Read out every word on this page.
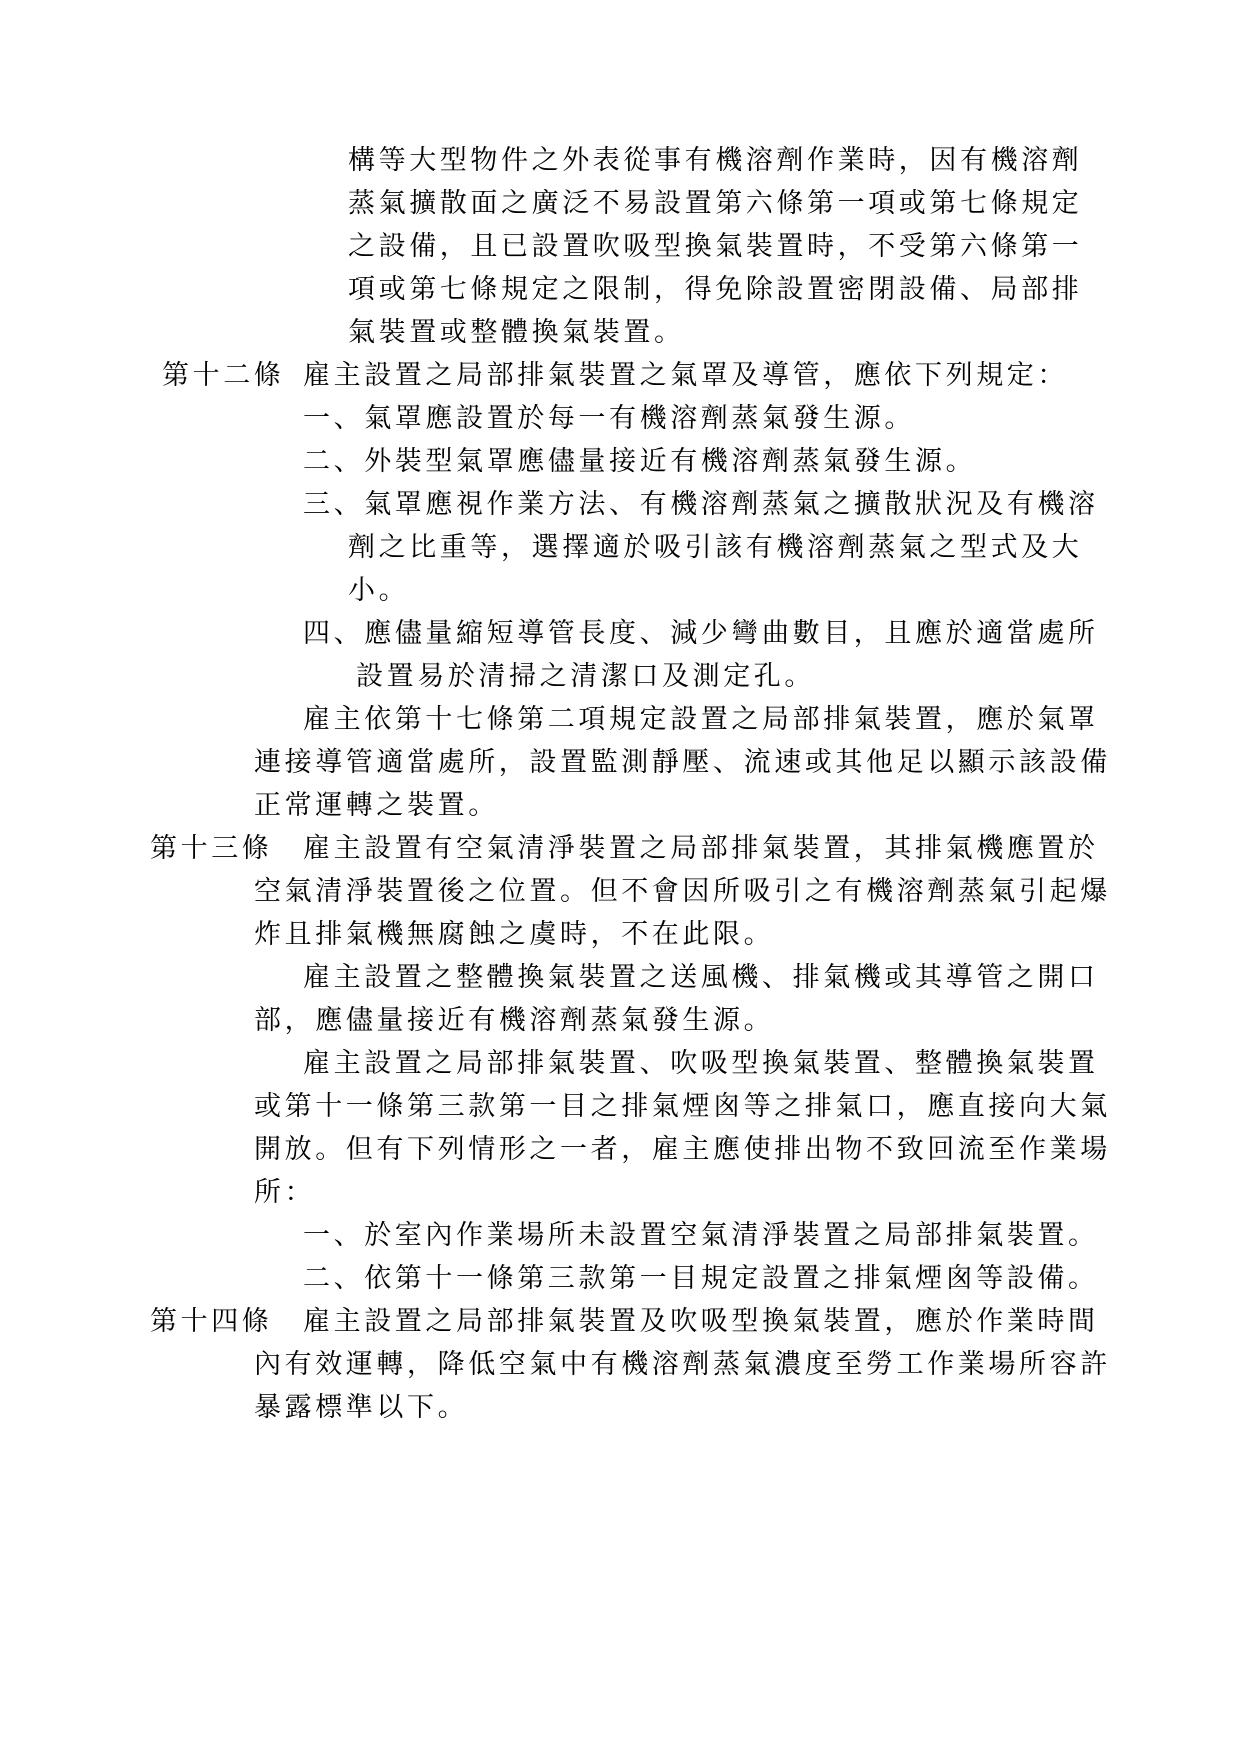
構等大型物件之外表從事有機溶劑作業時，因有機溶劑
蒸氣擴散面之廣泛不易設置第六條第一項或第七條規定
之設備，且已設置吹吸型換氣裝置時，不受第六條第一
項或第七條規定之限制，得免除設置密閉設備、局部排
氣裝置或整體換氣裝置。
第十二條 雇主設置之局部排氣裝置之氣罩及導管，應依下列規定：
一、氣罩應設置於每一有機溶劑蒸氣發生源。
二、外裝型氣罩應儘量接近有機溶劑蒸氣發生源。
三、氣罩應視作業方法、有機溶劑蒸氣之擴散狀況及有機溶
劑之比重等，選擇適於吸引該有機溶劑蒸氣之型式及大
小。
四、應儘量縮短導管長度、減少彎曲數目，且應於適當處所
設置易於清掃之清潔口及測定孔。
雇主依第十七條第二項規定設置之局部排氣裝置，應於氣罩
連接導管適當處所，設置監測靜壓、流速或其他足以顯示該設備
正常運轉之裝置。
第十三條 雇主設置有空氣清淨裝置之局部排氣裝置，其排氣機應置於
空氣清淨裝置後之位置。但不會因所吸引之有機溶劑蒸氣引起爆
炸且排氣機無腐蝕之虞時，不在此限。
雇主設置之整體換氣裝置之送風機、排氣機或其導管之開口
部，應儘量接近有機溶劑蒸氣發生源。
雇主設置之局部排氣裝置、吹吸型換氣裝置、整體換氣裝置
或第十一條第三款第一目之排氣煙囪等之排氣口，應直接向大氣
開放。但有下列情形之一者，雇主應使排出物不致回流至作業場
所：
一、於室內作業場所未設置空氣清淨裝置之局部排氣裝置。
二、依第十一條第三款第一目規定設置之排氣煙囪等設備。
第十四條 雇主設置之局部排氣裝置及吹吸型換氣裝置，應於作業時間
內有效運轉，降低空氣中有機溶劑蒸氣濃度至勞工作業場所容許
暴露標準以下。
